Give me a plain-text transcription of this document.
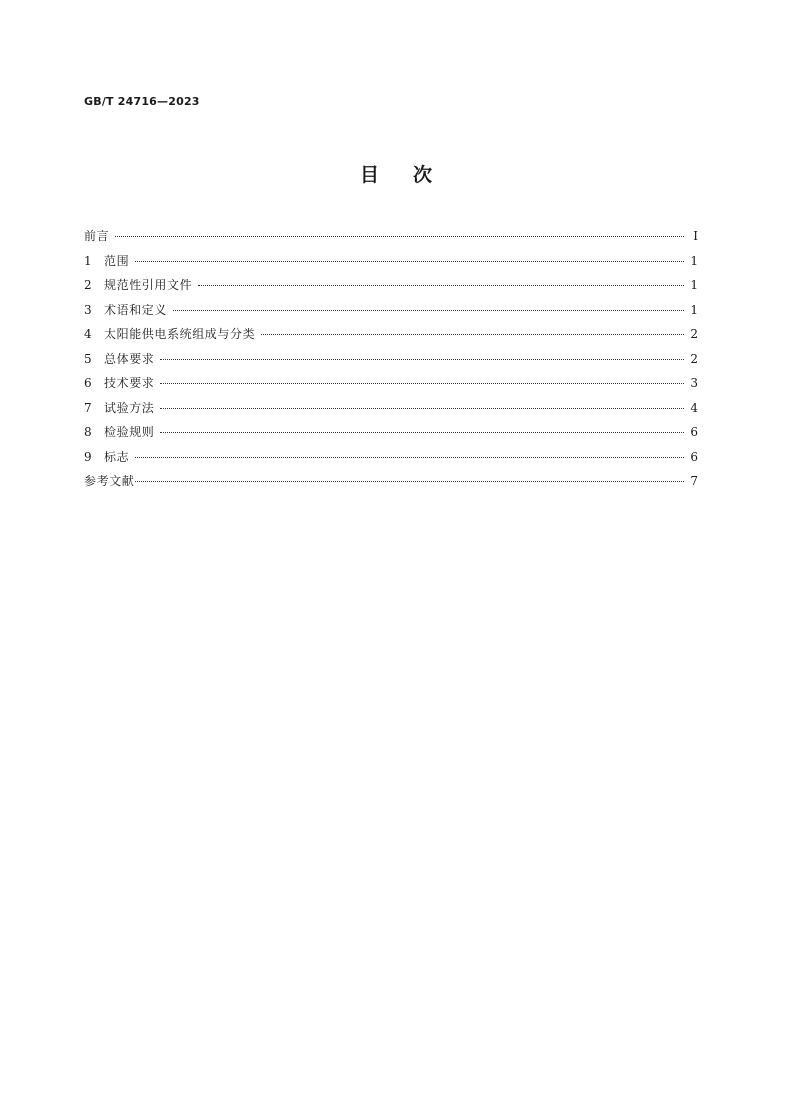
GB/T 24716—2023
目次
前言	Ⅰ
1	范围	1
2	规范性引用文件	1
3	术语和定义	1
4	太阳能供电系统组成与分类	2
5	总体要求	2
6	技术要求	3
7	试验方法	4
8	检验规则	6
9	标志	6
参考文献	7
